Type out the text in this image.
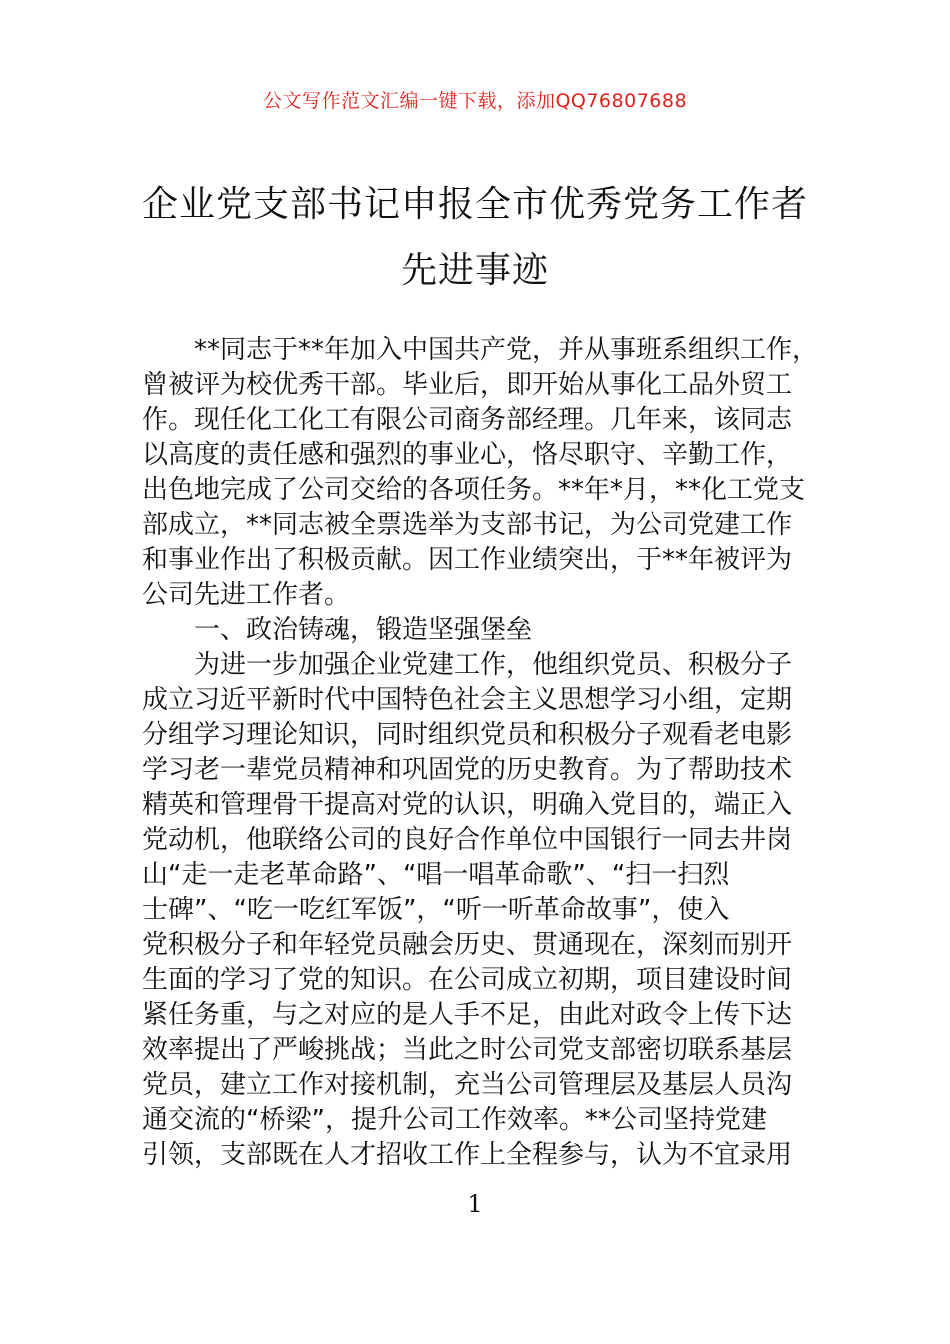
公文写作范文汇编一键下载，添加QQ76807688
企业党支部书记申报全市优秀党务工作者
先进事迹
　　**同志于**年加入中国共产党，并从事班系组织工作，
曾被评为校优秀干部。毕业后，即开始从事化工品外贸工
作。现任化工化工有限公司商务部经理。几年来，该同志
以高度的责任感和强烈的事业心，恪尽职守、辛勤工作，
出色地完成了公司交给的各项任务。**年*月，**化工党支
部成立，**同志被全票选举为支部书记，为公司党建工作
和事业作出了积极贡献。因工作业绩突出，于**年被评为
公司先进工作者。
　　一、政治铸魂，锻造坚强堡垒
　　为进一步加强企业党建工作，他组织党员、积极分子
成立习近平新时代中国特色社会主义思想学习小组，定期
分组学习理论知识，同时组织党员和积极分子观看老电影
学习老一辈党员精神和巩固党的历史教育。为了帮助技术
精英和管理骨干提高对党的认识，明确入党目的，端正入
党动机，他联络公司的良好合作单位中国银行一同去井岗
山“走一走老革命路”、“唱一唱革命歌”、“扫一扫烈
士碑”、“吃一吃红军饭”，“听一听革命故事”，使入
党积极分子和年轻党员融会历史、贯通现在，深刻而别开
生面的学习了党的知识。在公司成立初期，项目建设时间
紧任务重，与之对应的是人手不足，由此对政令上传下达
效率提出了严峻挑战；当此之时公司党支部密切联系基层
党员，建立工作对接机制，充当公司管理层及基层人员沟
通交流的“桥梁”，提升公司工作效率。**公司坚持党建
引领，支部既在人才招收工作上全程参与，认为不宜录用
1
